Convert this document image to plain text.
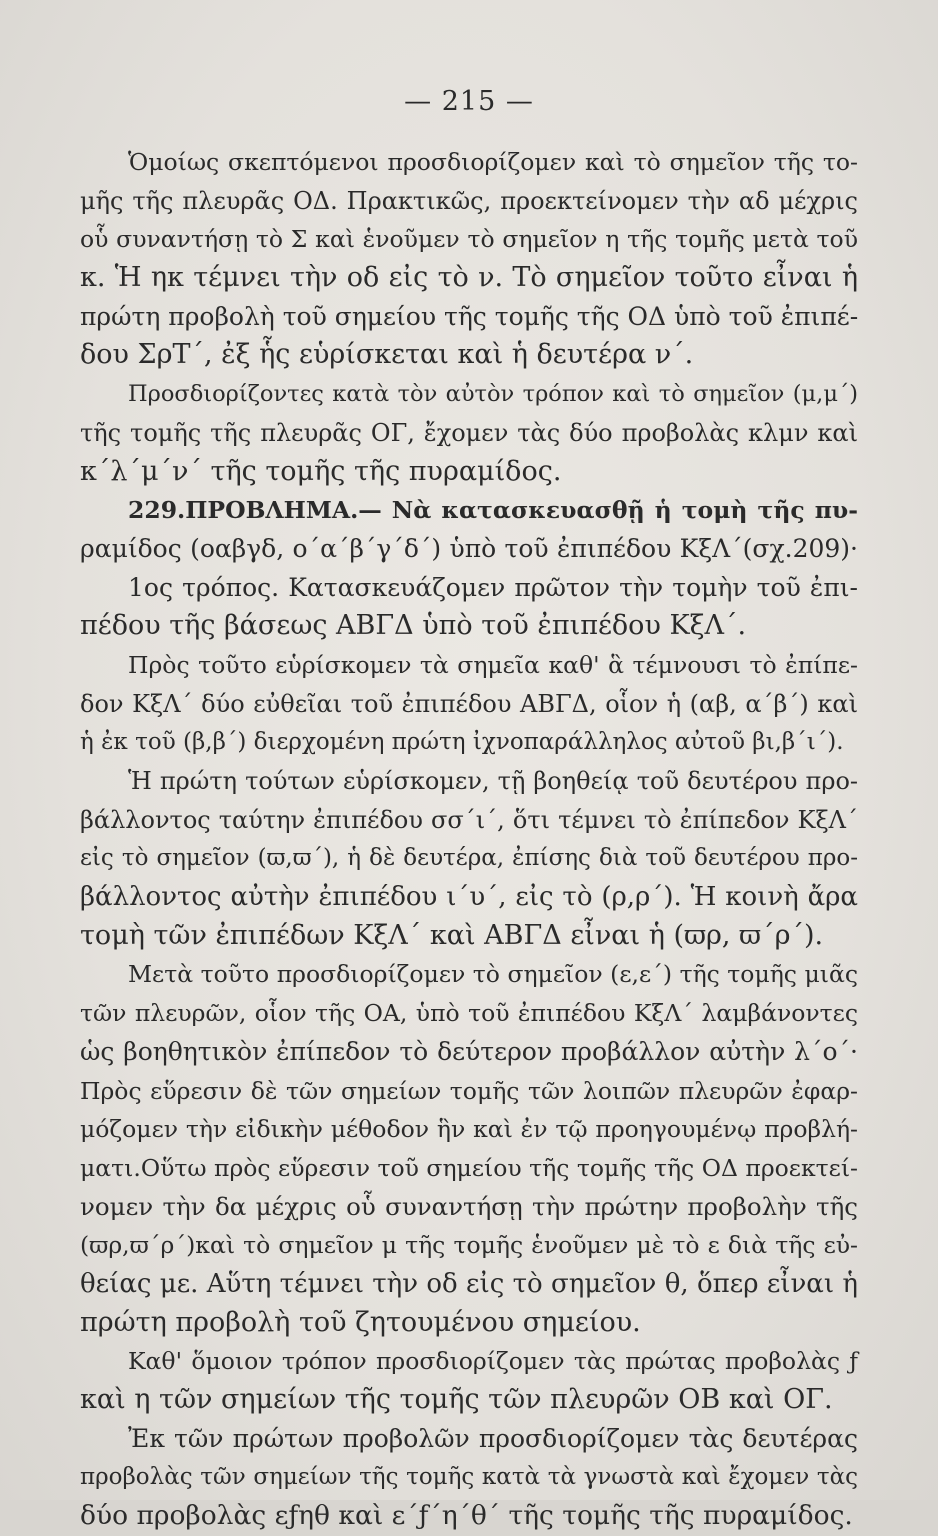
— 215 —
Ὁμοίως σκεπτόμενοι προσδιορίζομεν καὶ τὸ σημεῖον τῆς το-
μῆς τῆς πλευρᾶς ΟΔ. Πρακτικῶς, προεκτείνομεν τὴν αδ μέχρις
οὗ συναντήσῃ τὸ Σ καὶ ἑνοῦμεν τὸ σημεῖον η τῆς τομῆς μετὰ τοῦ
κ. Ἡ ηκ τέμνει τὴν οδ εἰς τὸ ν. Τὸ σημεῖον τοῦτο εἶναι ἡ
πρώτη προβολὴ τοῦ σημείου τῆς τομῆς τῆς ΟΔ ὑπὸ τοῦ ἐπιπέ-
δου ΣρΤ΄, ἐξ ἧς εὑρίσκεται καὶ ἡ δευτέρα ν΄.
Προσδιορίζοντες κατὰ τὸν αὐτὸν τρόπον καὶ τὸ σημεῖον (μ,μ΄)
τῆς τομῆς τῆς πλευρᾶς ΟΓ, ἔχομεν τὰς δύο προβολὰς κλμν καὶ
κ΄λ΄μ΄ν΄ τῆς τομῆς τῆς πυραμίδος.
229.ΠΡΟΒΛΗΜΑ.— Νὰ κατασκευασθῇ ἡ τομὴ τῆς πυ-
ραμίδος (οαβγδ, ο΄α΄β΄γ΄δ΄) ὑπὸ τοῦ ἐπιπέδου ΚξΛ΄(σχ.209)·
1ος τρόπος. Κατασκευάζομεν πρῶτον τὴν τομὴν τοῦ ἐπι-
πέδου τῆς βάσεως ΑΒΓΔ ὑπὸ τοῦ ἐπιπέδου ΚξΛ΄.
Πρὸς τοῦτο εὑρίσκομεν τὰ σημεῖα καθ' ἃ τέμνουσι τὸ ἐπίπε-
δον ΚξΛ΄ δύο εὐθεῖαι τοῦ ἐπιπέδου ΑΒΓΔ, οἷον ἡ (αβ, α΄β΄) καὶ
ἡ ἐκ τοῦ (β,β΄) διερχομένη πρώτη ἰχνοπαράλληλος αὐτοῦ βι,β΄ι΄).
Ἡ πρώτη τούτων εὑρίσκομεν, τῇ βοηθείᾳ τοῦ δευτέρου προ-
βάλλοντος ταύτην ἐπιπέδου σσ΄ι΄, ὅτι τέμνει τὸ ἐπίπεδον ΚξΛ΄
εἰς τὸ σημεῖον (ϖ,ϖ΄), ἡ δὲ δευτέρα, ἐπίσης διὰ τοῦ δευτέρου προ-
βάλλοντος αὐτὴν ἐπιπέδου ι΄υ΄, εἰς τὸ (ρ,ρ΄). Ἡ κοινὴ ἄρα
τομὴ τῶν ἐπιπέδων ΚξΛ΄ καὶ ΑΒΓΔ εἶναι ἡ (ϖρ, ϖ΄ρ΄).
Μετὰ τοῦτο προσδιορίζομεν τὸ σημεῖον (ε,ε΄) τῆς τομῆς μιᾶς
τῶν πλευρῶν, οἷον τῆς ΟΑ, ὑπὸ τοῦ ἐπιπέδου ΚξΛ΄ λαμβάνοντες
ὡς βοηθητικὸν ἐπίπεδον τὸ δεύτερον προβάλλον αὐτὴν λ΄ο΄·
Πρὸς εὕρεσιν δὲ τῶν σημείων τομῆς τῶν λοιπῶν πλευρῶν ἐφαρ-
μόζομεν τὴν εἰδικὴν μέθοδον ἣν καὶ ἐν τῷ προηγουμένῳ προβλή-
ματι.Οὕτω πρὸς εὕρεσιν τοῦ σημείου τῆς τομῆς τῆς ΟΔ προεκτεί-
νομεν τὴν δα μέχρις οὗ συναντήσῃ τὴν πρώτην προβολὴν τῆς
(ϖρ,ϖ΄ρ΄)καὶ τὸ σημεῖον μ τῆς τομῆς ἑνοῦμεν μὲ τὸ ε διὰ τῆς εὐ-
θείας με. Αὕτη τέμνει τὴν οδ εἰς τὸ σημεῖον θ, ὅπερ εἶναι ἡ
πρώτη προβολὴ τοῦ ζητουμένου σημείου.
Καθ' ὅμοιον τρόπον προσδιορίζομεν τὰς πρώτας προβολὰς ƒ
καὶ η τῶν σημείων τῆς τομῆς τῶν πλευρῶν ΟΒ καὶ ΟΓ.
Ἐκ τῶν πρώτων προβολῶν προσδιορίζομεν τὰς δευτέρας
προβολὰς τῶν σημείων τῆς τομῆς κατὰ τὰ γνωστὰ καὶ ἔχομεν τὰς
δύο προβολὰς εƒηθ καὶ ε΄ƒ΄η΄θ΄ τῆς τομῆς τῆς πυραμίδος.
